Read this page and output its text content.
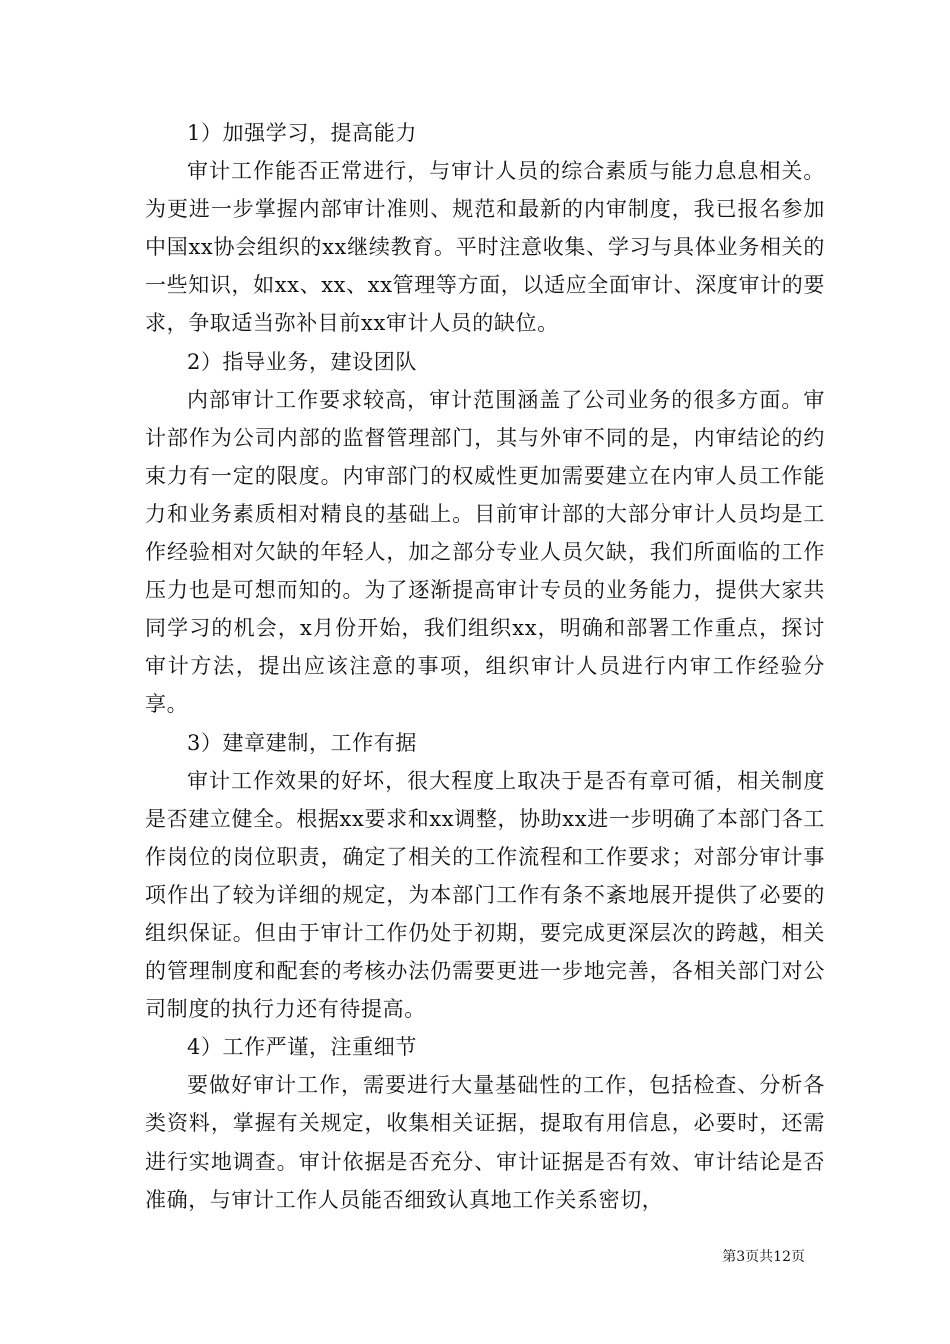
1）加强学习，提高能力

审计工作能否正常进行，与审计人员的综合素质与能力息息相关。为更进一步掌握内部审计准则、规范和最新的内审制度，我已报名参加中国xx协会组织的xx继续教育。平时注意收集、学习与具体业务相关的一些知识，如xx、xx、xx管理等方面，以适应全面审计、深度审计的要求，争取适当弥补目前xx审计人员的缺位。

2）指导业务，建设团队

内部审计工作要求较高，审计范围涵盖了公司业务的很多方面。审计部作为公司内部的监督管理部门，其与外审不同的是，内审结论的约束力有一定的限度。内审部门的权威性更加需要建立在内审人员工作能力和业务素质相对精良的基础上。目前审计部的大部分审计人员均是工作经验相对欠缺的年轻人，加之部分专业人员欠缺，我们所面临的工作压力也是可想而知的。为了逐渐提高审计专员的业务能力，提供大家共同学习的机会，x月份开始，我们组织xx，明确和部署工作重点，探讨审计方法，提出应该注意的事项，组织审计人员进行内审工作经验分享。

3）建章建制，工作有据

审计工作效果的好坏，很大程度上取决于是否有章可循，相关制度是否建立健全。根据xx要求和xx调整，协助xx进一步明确了本部门各工作岗位的岗位职责，确定了相关的工作流程和工作要求；对部分审计事项作出了较为详细的规定，为本部门工作有条不紊地展开提供了必要的组织保证。但由于审计工作仍处于初期，要完成更深层次的跨越，相关的管理制度和配套的考核办法仍需要更进一步地完善，各相关部门对公司制度的执行力还有待提高。

4）工作严谨，注重细节

要做好审计工作，需要进行大量基础性的工作，包括检查、分析各类资料，掌握有关规定，收集相关证据，提取有用信息，必要时，还需进行实地调查。审计依据是否充分、审计证据是否有效、审计结论是否准确，与审计工作人员能否细致认真地工作关系密切，

第3页共12页
